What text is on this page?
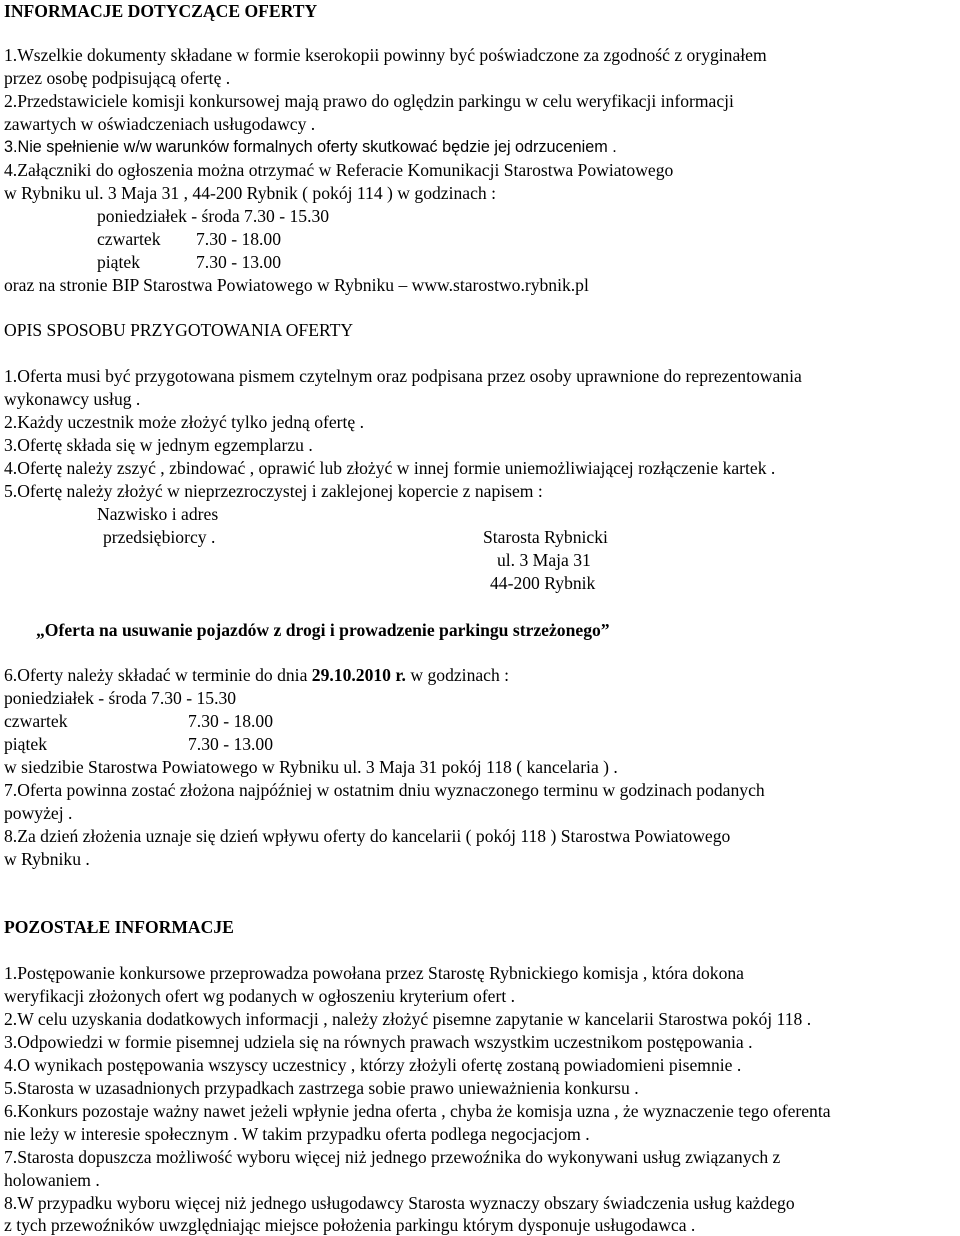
INFORMACJE DOTYCZĄCE OFERTY
1.Wszelkie dokumenty składane w formie kserokopii powinny być poświadczone za zgodność z oryginałem
przez osobę podpisującą ofertę .
2.Przedstawiciele komisji konkursowej mają prawo do oględzin parkingu w celu weryfikacji informacji
zawartych w oświadczeniach usługodawcy .
3.Nie spełnienie w/w warunków formalnych oferty skutkować będzie jej odrzuceniem .
4.Załączniki do ogłoszenia można otrzymać w Referacie Komunikacji Starostwa Powiatowego
w Rybniku ul. 3 Maja 31 , 44-200 Rybnik ( pokój 114 ) w godzinach :
poniedziałek - środa 7.30 - 15.30
czwartek 7.30 - 18.00
piątek	7.30 - 13.00
oraz na stronie BIP Starostwa Powiatowego w Rybniku – www.starostwo.rybnik.pl
OPIS SPOSOBU PRZYGOTOWANIA OFERTY
1.Oferta musi być przygotowana pismem czytelnym oraz podpisana przez osoby uprawnione do reprezentowania
wykonawcy usług .
2.Każdy uczestnik może złożyć tylko jedną ofertę .
3.Ofertę składa się w jednym egzemplarzu .
4.Ofertę należy zszyć , zbindować , oprawić lub złożyć w innej formie uniemożliwiającej rozłączenie kartek .
5.Ofertę należy złożyć w nieprzezroczystej i zaklejonej kopercie z napisem :
Nazwisko i adres
przedsiębiorcy .	Starosta Rybnicki
ul. 3 Maja 31
44-200 Rybnik
„Oferta na usuwanie pojazdów z drogi i prowadzenie parkingu strzeżonego”
6.Oferty należy składać w terminie do dnia 29.10.2010 r. w godzinach :
poniedziałek - środa 7.30 - 15.30
czwartek	7.30 - 18.00
piątek	7.30 - 13.00
w siedzibie Starostwa Powiatowego w Rybniku ul. 3 Maja 31 pokój 118 ( kancelaria ) .
7.Oferta powinna zostać złożona najpóźniej w ostatnim dniu wyznaczonego terminu w godzinach podanych
powyżej .
8.Za dzień złożenia uznaje się dzień wpływu oferty do kancelarii ( pokój 118 ) Starostwa Powiatowego
w Rybniku .
POZOSTAŁE INFORMACJE
1.Postępowanie konkursowe przeprowadza powołana przez Starostę Rybnickiego komisja , która dokona
weryfikacji złożonych ofert wg podanych w ogłoszeniu kryterium ofert .
2.W celu uzyskania dodatkowych informacji , należy złożyć pisemne zapytanie w kancelarii Starostwa pokój 118 .
3.Odpowiedzi w formie pisemnej udziela się na równych prawach wszystkim uczestnikom postępowania .
4.O wynikach postępowania wszyscy uczestnicy , którzy złożyli ofertę zostaną powiadomieni pisemnie .
5.Starosta w uzasadnionych przypadkach zastrzega sobie prawo unieważnienia konkursu .
6.Konkurs pozostaje ważny nawet jeżeli wpłynie jedna oferta , chyba że komisja uzna , że wyznaczenie tego oferenta
nie leży w interesie społecznym . W takim przypadku oferta podlega negocjacjom .
7.Starosta dopuszcza możliwość wyboru więcej niż jednego przewoźnika do wykonywani usług związanych z
holowaniem .
8.W przypadku wyboru więcej niż jednego usługodawcy Starosta wyznaczy obszary świadczenia usług każdego
z tych przewoźników uwzględniając miejsce położenia parkingu którym dysponuje usługodawca .
